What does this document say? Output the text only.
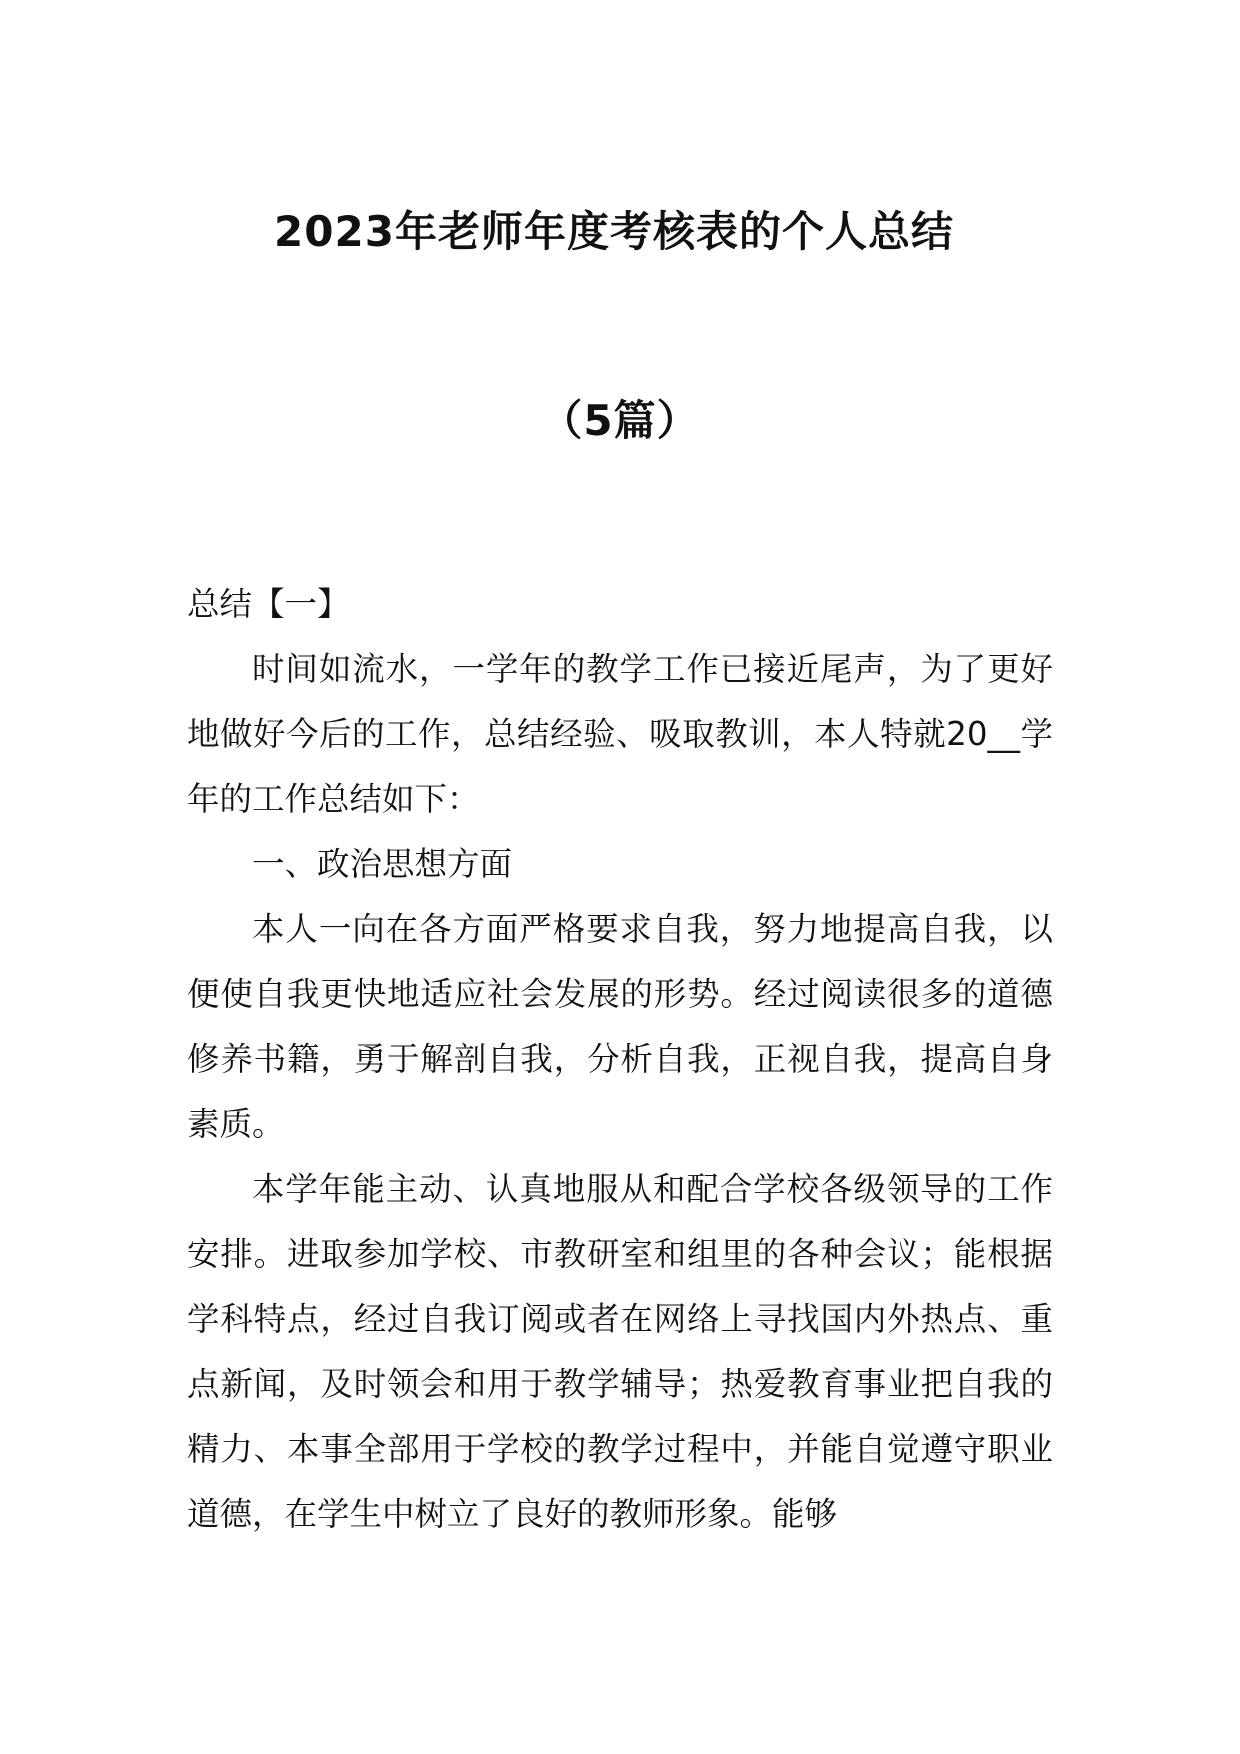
2023年老师年度考核表的个人总结
（5篇）

总结【一】

时间如流水，一学年的教学工作已接近尾声，为了更好地做好今后的工作，总结经验、吸取教训，本人特就20__学年的工作总结如下：

一、政治思想方面

本人一向在各方面严格要求自我，努力地提高自我，以便使自我更快地适应社会发展的形势。经过阅读很多的道德修养书籍，勇于解剖自我，分析自我，正视自我，提高自身素质。

本学年能主动、认真地服从和配合学校各级领导的工作安排。进取参加学校、市教研室和组里的各种会议；能根据学科特点，经过自我订阅或者在网络上寻找国内外热点、重点新闻，及时领会和用于教学辅导；热爱教育事业把自我的精力、本事全部用于学校的教学过程中，并能自觉遵守职业道德，在学生中树立了良好的教师形象。能够
